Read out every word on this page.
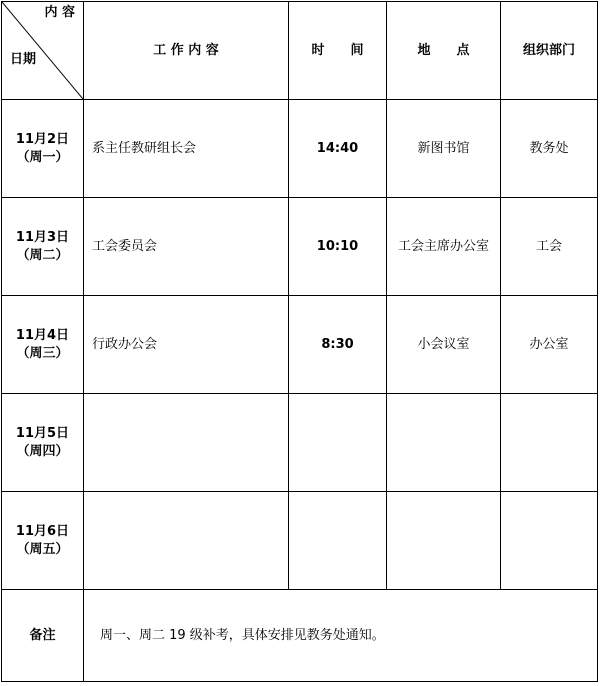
内 容
日期	工 作 内 容	时　　间	地　　点	组织部门

11月2日
（周一）	系主任教研组长会	14:40	新图书馆	教务处

11月3日
（周二）	工会委员会	10:10	工会主席办公室	工会

11月4日
（周三）	行政办公会	8:30	小会议室	办公室

11月5日
（周四）				

11月6日
（周五）				

备注	周一、周二 19 级补考，具体安排见教务处通知。			
